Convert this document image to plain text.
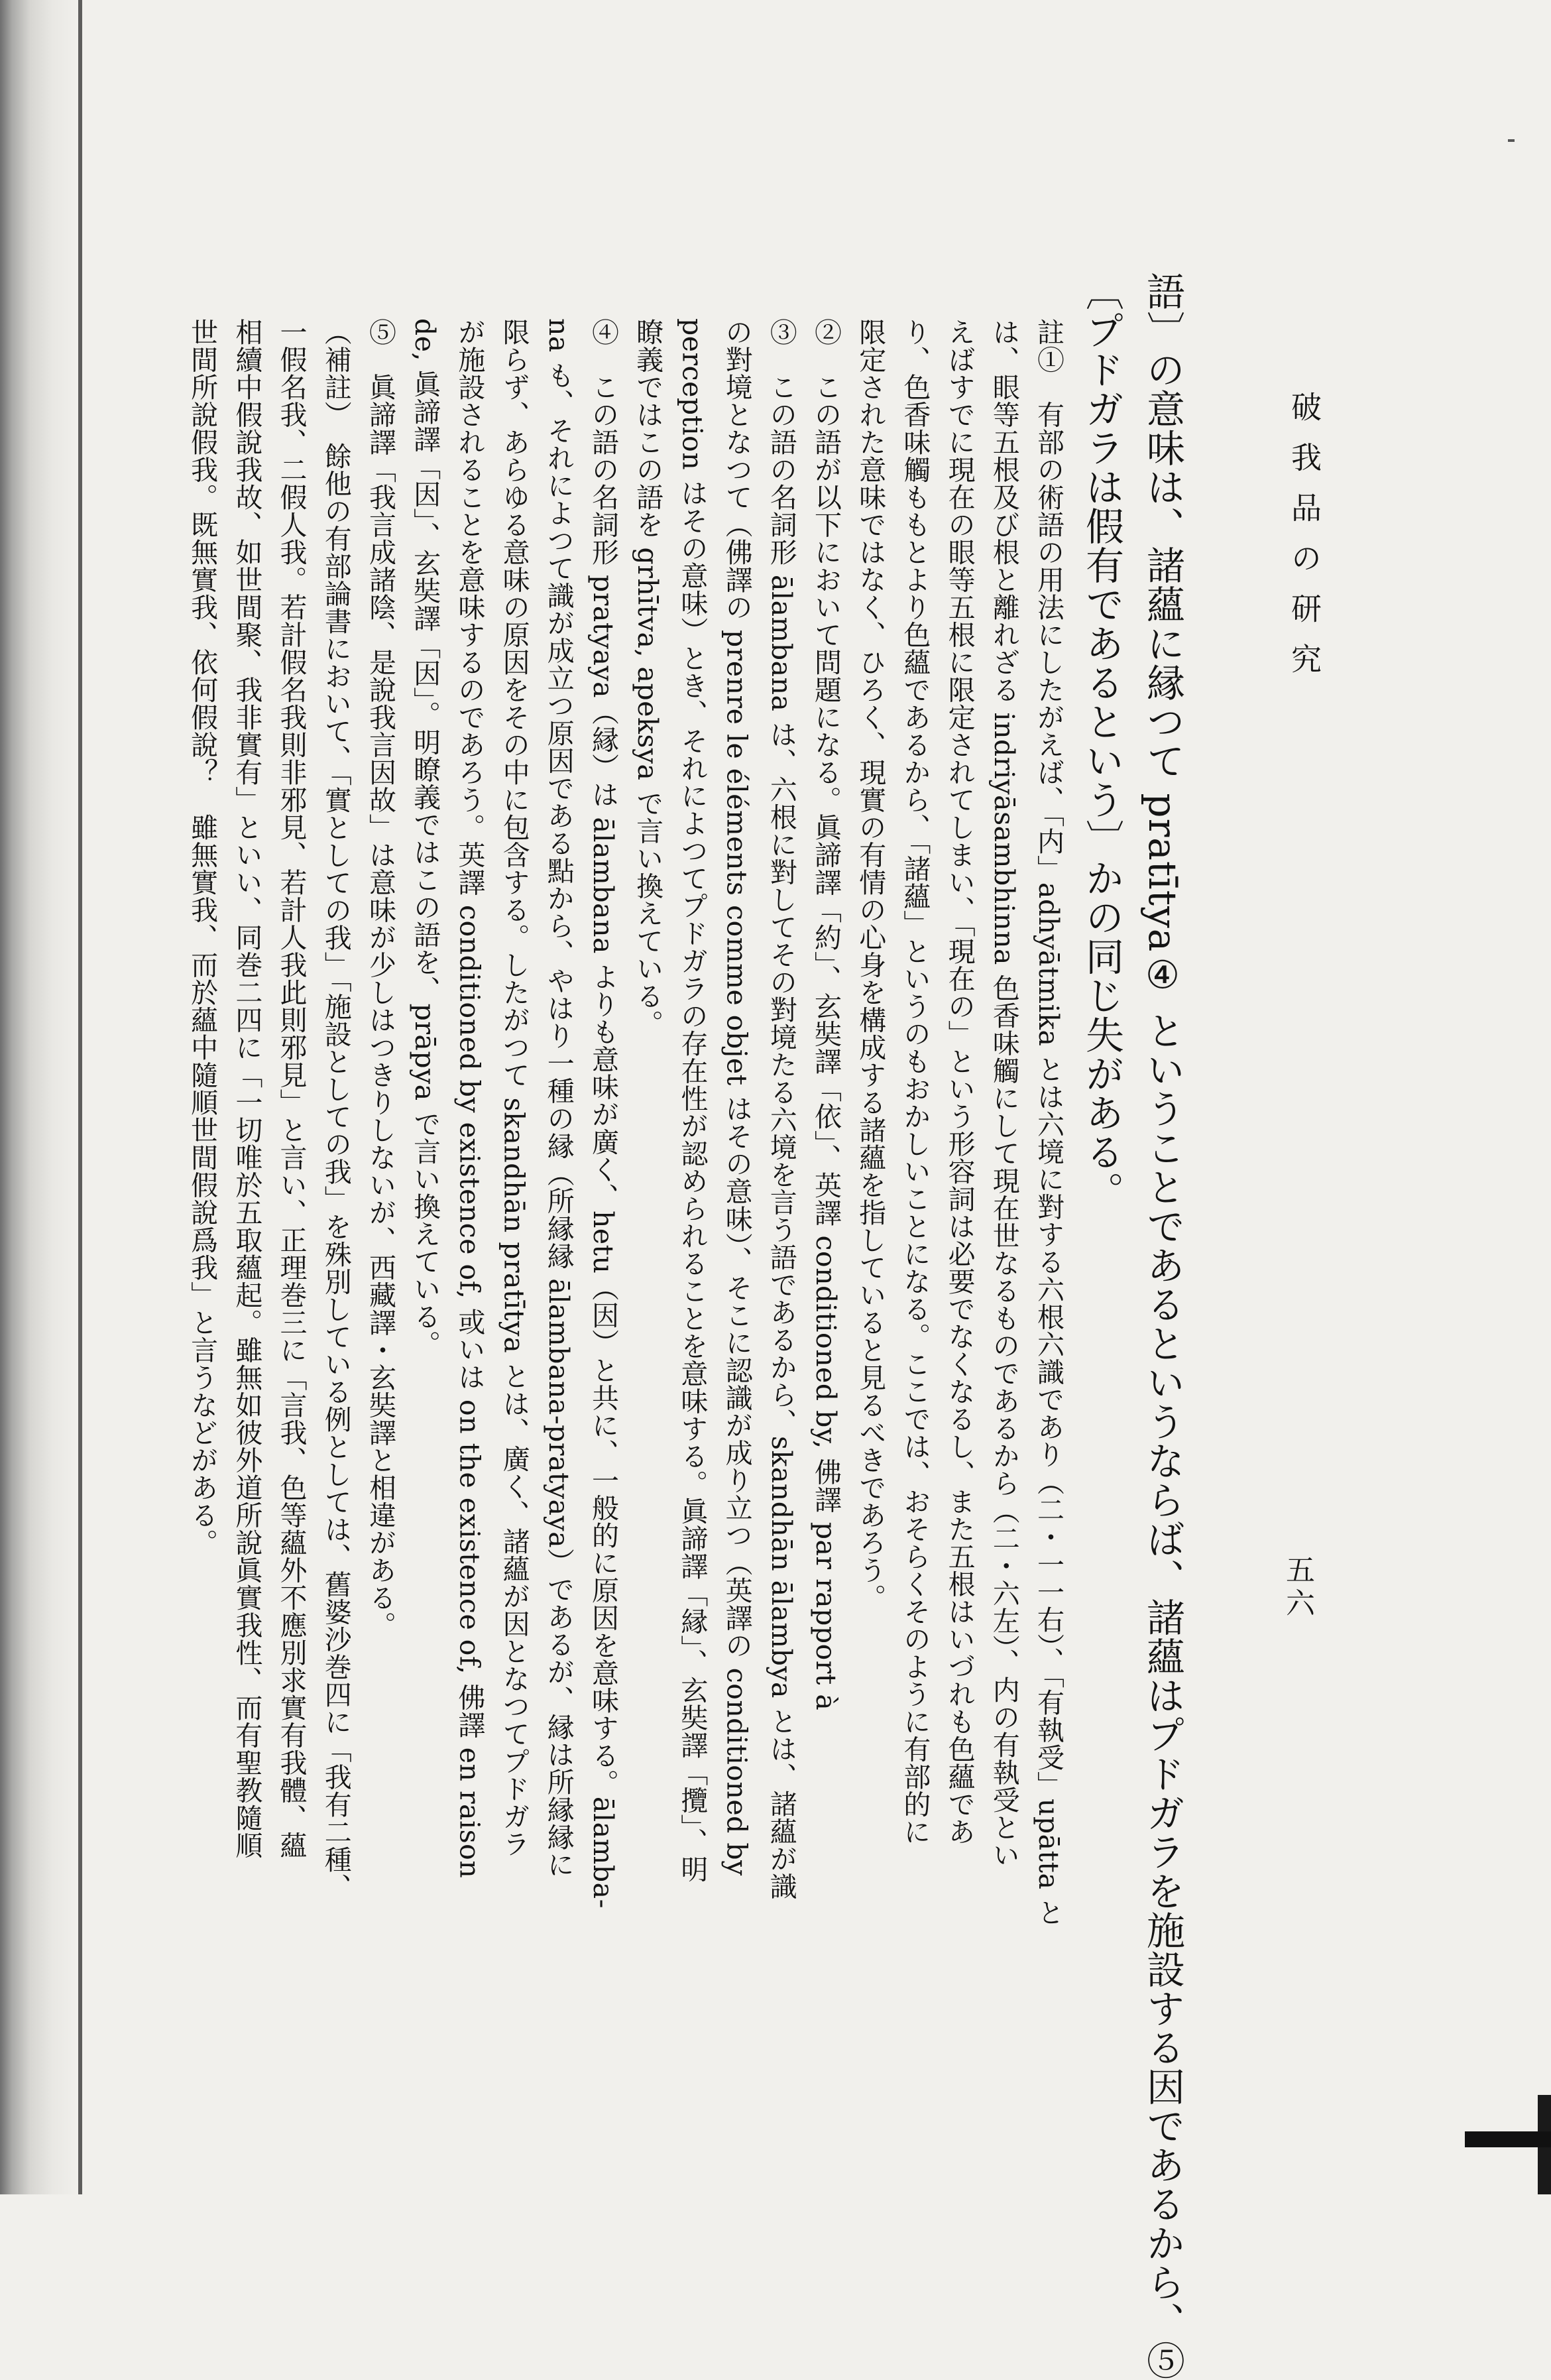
破我品の研究
五六
語〕の意味は、諸蘊に縁つて pratītya④ ということであるというならば、諸蘊はプドガラを施設する因であるから、⑤
〔プドガラは假有であるという〕かの同じ失がある。
註①　有部の術語の用法にしたがえば、「内」adhyātmika とは六境に對する六根六識であり（二・一一右）、「有執受」upātta と
は、眼等五根及び根と離れざる indriyāsambhinna 色香味觸にして現在世なるものであるから（二・六左）、内の有執受とい
えばすでに現在の眼等五根に限定されてしまい、「現在の」という形容詞は必要でなくなるし、また五根はいづれも色蘊であ
り、色香味觸ももとより色蘊であるから、「諸蘊」というのもおかしいことになる。ここでは、おそらくそのように有部的に
限定された意味ではなく、ひろく、現實の有情の心身を構成する諸蘊を指していると見るべきであろう。
②　この語が以下において問題になる。眞諦譯「約」、玄奘譯「依」、英譯 conditioned by, 佛譯 par rapport à
③　この語の名詞形 ālambana は、六根に對してその對境たる六境を言う語であるから、skandhān ālambya とは、諸蘊が識
の對境となつて（佛譯の prenre le éléments comme objet はその意味）、そこに認識が成り立つ（英譯の conditioned by
perception はその意味）とき、それによつてプドガラの存在性が認められることを意味する。眞諦譯「縁」、玄奘譯「攬」、明
瞭義ではこの語を grhītva, apeksya で言い換えている。
④　この語の名詞形 pratyaya（縁）は ālambana よりも意味が廣く、hetu（因）と共に、一般的に原因を意味する。ālamba-
na も、それによつて識が成立つ原因である點から、やはり一種の縁（所縁縁 ālambana-pratyaya）であるが、縁は所縁縁に
限らず、あらゆる意味の原因をその中に包含する。したがつて skandhān pratītya とは、廣く、諸蘊が因となつてプドガラ
が施設されることを意味するのであろう。英譯 conditioned by existence of, 或いは on the existence of, 佛譯 en raison
de, 眞諦譯「因」、玄奘譯「因」。明瞭義ではこの語を、prāpya で言い換えている。
⑤　眞諦譯「我言成諸陰、是說我言因故」は意味が少しはつきりしないが、西藏譯・玄奘譯と相違がある。
（補註）　餘他の有部論書において、「實としての我」「施設としての我」を殊別している例としては、舊婆沙巻四に「我有二種、
一假名我、二假人我。若計假名我則非邪見、若計人我此則邪見」と言い、正理巻三に「言我、色等蘊外不應別求實有我體、蘊
相續中假說我故、如世間聚、我非實有」といい、同巻二四に「一切唯於五取蘊起。雖無如彼外道所說眞實我性、而有聖教隨順
世間所說假我。既無實我、依何假說？　雖無實我、而於蘊中隨順世間假說爲我」と言うなどがある。
